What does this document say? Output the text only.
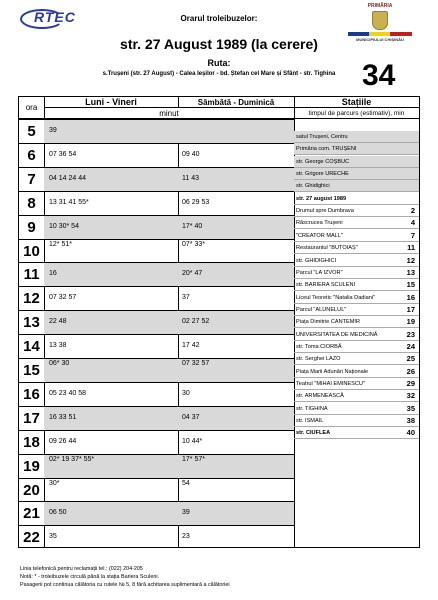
RTEC	Orarul troleibuzelor:
str. 27 August 1989 (la cerere)
Ruta:
s.Trușeni (str. 27 August) - Calea Ieșilor - bd. Ștefan cel Mare și Sfânt - str. Tighina 34
PRIMĂRIA
MUNICIPIULUI CHIȘINĂU
ora
Luni - Vineri	Sâmbătă - Duminică
minut
Stațiile
timpul de parcurs (estimativ), min
5	39
6	07 36 54	09 40
7	04 14 24 44	11 43
8	13 31 41 55*	06 29 53
9	10 30* 54	17* 40
10	12* 51*	07* 33*
11	16	20* 47
12	07 32 57	37
13	22 48	02 27 52
14	13 38	17 42
15	06* 30	07 32 57
16	05 23 40 58	30
17	16 33 51	04 37
18	09 26 44	10 44*
19	02* 19 37* 55*	17* 57*
20	30*	54
21	06 50	39
22	35	23
satul Trușeni, Centru
Primăria com. TRUȘENI
str. George COȘBUC
str. Grigore URECHE
str. Ghidighici
str. 27 august 1989
Drumul spre Dumbrava	2
Răscrucea Trușeni	4
"CREATOR MALL"	7
Restaurantul "BUTOIAȘ"	11
str. GHIDIGHICI	12
Parcul "LA IZVOR"	13
str. BARIERA SCULENI	15
Liceul Teoretic "Natalia Dadiani"	16
Parcul "ALUNELUL"	17
Piața Dimitrie CANTEMIR	19
UNIVERSITATEA DE MEDICINĂ	23
str. Toma CIORBĂ	24
str. Serghei LAZO	25
Piața Marii Adunări Naționale	26
Teatrul "MIHAI EMINESCU"	29
str. ARMENEASCĂ	32
str. TIGHINA	35
str. ISMAIL	38
str. CIUFLEA	40
Linia telefonică pentru reclamații tel.: (022) 204-205
Notă: * - troleibuzele circulă până la stația Bariera Sculeni.
Pasagerii pot continua călătoria cu rutele № 5, 8 fără achitarea suplimentară a călătoriei
